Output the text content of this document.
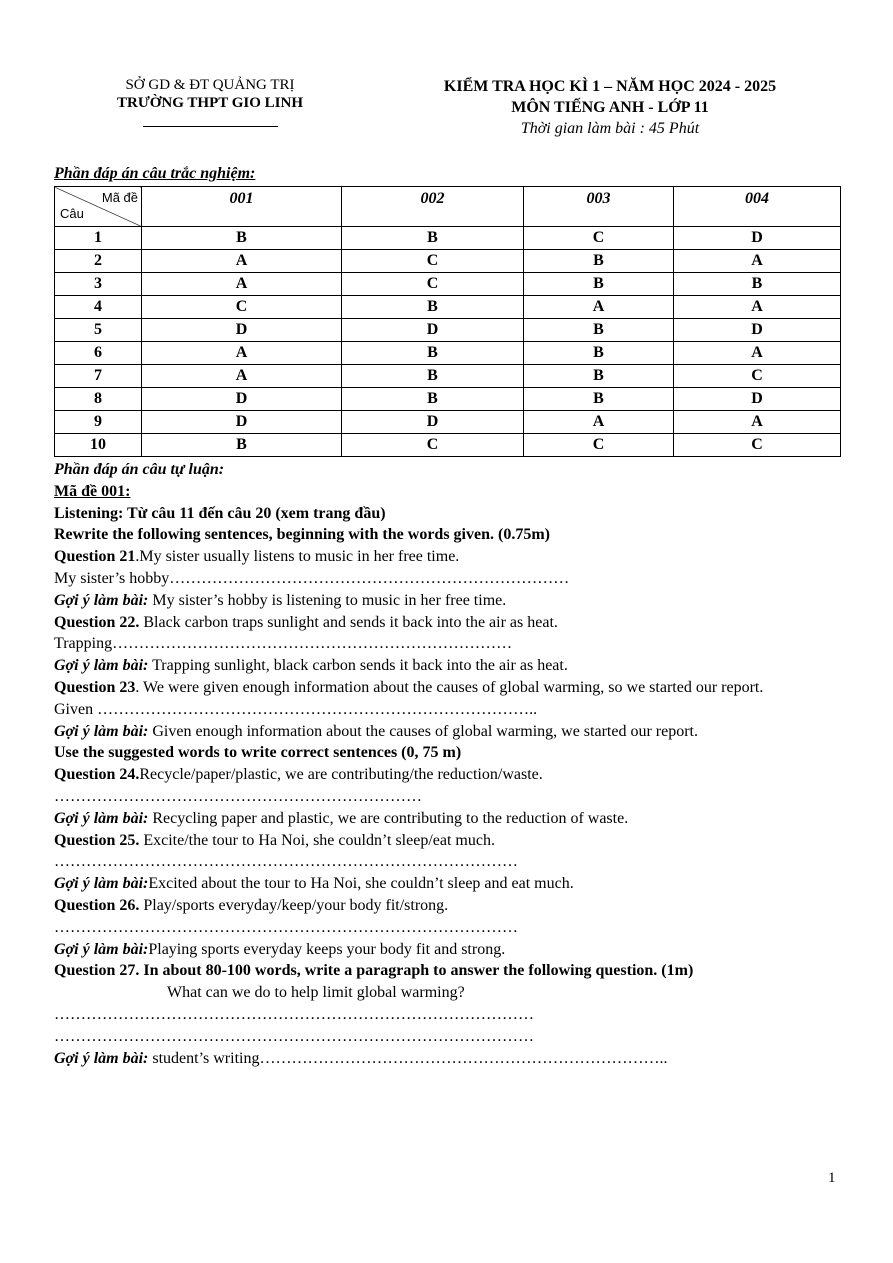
SỞ GD & ĐT QUẢNG TRỊ
TRƯỜNG THPT GIO LINH
KIỂM TRA HỌC KÌ 1 – NĂM HỌC 2024 - 2025
MÔN TIẾNG ANH - LỚP 11
Thời gian làm bài : 45 Phút
Phần đáp án câu trắc nghiệm:
Mã đề
Câu	001	002	003	004
1	B	B	C	D
2	A	C	B	A
3	A	C	B	B
4	C	B	A	A
5	D	D	B	D
6	A	B	B	A
7	A	B	B	C
8	D	B	B	D
9	D	D	A	A
10	B	C	C	C

Phần đáp án câu tự luận:

Mã đề 001:

Listening: Từ câu 11 đến câu 20 (xem trang đầu)

Rewrite the following sentences, beginning with the words given. (0.75m)

Question 21.My sister usually listens to music in her free time.

My sister’s hobby…………………………………………………………………

Gợi ý làm bài: My sister’s hobby is listening to music in her free time.

Question 22. Black carbon traps sunlight and sends it back into the air as heat.

Trapping…………………………………………………………………

Gợi ý làm bài: Trapping sunlight, black carbon sends it back into the air as heat.

Question 23. We were given enough information about the causes of global warming, so we started our report.

Given ………………………………………………………………………..

Gợi ý làm bài: Given enough information about the causes of global warming, we started our report.

Use the suggested words to write correct sentences (0, 75 m)

Question 24.Recycle/paper/plastic, we are contributing/the reduction/waste.

……………………………………………………………

Gợi ý làm bài: Recycling paper and plastic, we are contributing to the reduction of waste.

Question 25. Excite/the tour to Ha Noi, she couldn’t sleep/eat much.

……………………………………………………………………………

Gợi ý làm bài:Excited about the tour to Ha Noi, she couldn’t sleep and eat much.

Question 26. Play/sports everyday/keep/your body fit/strong.

……………………………………………………………………………

Gợi ý làm bài:Playing sports everyday keeps your body fit and strong.

Question 27. In about 80-100 words, write a paragraph to answer the following question. (1m)

What can we do to help limit global warming?

………………………………………………………………………………

………………………………………………………………………………

Gợi ý làm bài: student’s writing…………………………………………………………………..

1
